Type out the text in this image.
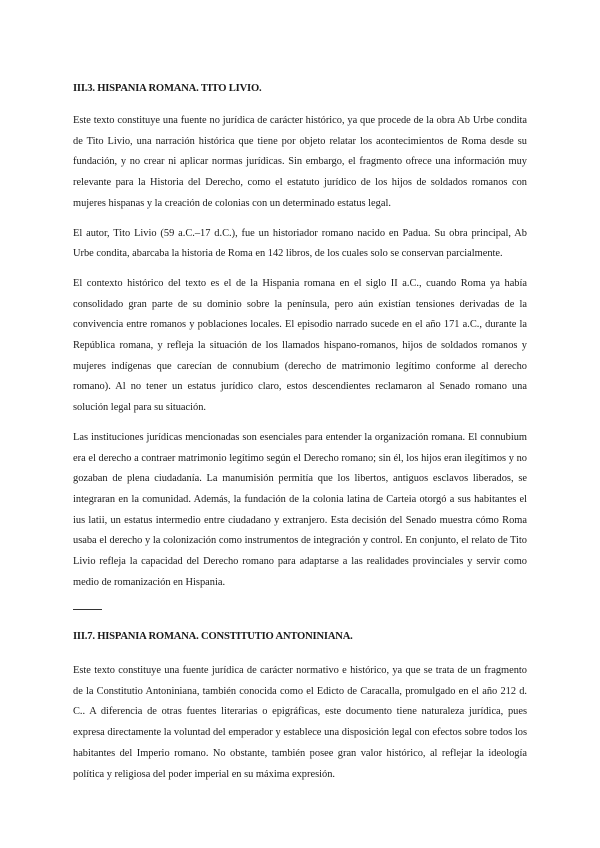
III.3. HISPANIA ROMANA. TITO LIVIO.

Este texto constituye una fuente no jurídica de carácter histórico, ya que procede de la obra Ab Urbe condita de Tito Livio, una narración histórica que tiene por objeto relatar los acontecimientos de Roma desde su fundación, y no crear ni aplicar normas jurídicas. Sin embargo, el fragmento ofrece una información muy relevante para la Historia del Derecho, como el estatuto jurídico de los hijos de soldados romanos con mujeres hispanas y la creación de colonias con un determinado estatus legal.

El autor, Tito Livio (59 a.C.–17 d.C.), fue un historiador romano nacido en Padua. Su obra principal, Ab Urbe condita, abarcaba la historia de Roma en 142 libros, de los cuales solo se conservan parcialmente.

El contexto histórico del texto es el de la Hispania romana en el siglo II a.C., cuando Roma ya había consolidado gran parte de su dominio sobre la península, pero aún existían tensiones derivadas de la convivencia entre romanos y poblaciones locales. El episodio narrado sucede en el año 171 a.C., durante la República romana, y refleja la situación de los llamados hispano-romanos, hijos de soldados romanos y mujeres indígenas que carecían de connubium (derecho de matrimonio legítimo conforme al derecho romano). Al no tener un estatus jurídico claro, estos descendientes reclamaron al Senado romano una solución legal para su situación.

Las instituciones jurídicas mencionadas son esenciales para entender la organización romana. El connubium era el derecho a contraer matrimonio legítimo según el Derecho romano; sin él, los hijos eran ilegítimos y no gozaban de plena ciudadanía. La manumisión permitía que los libertos, antiguos esclavos liberados, se integraran en la comunidad. Además, la fundación de la colonia latina de Carteia otorgó a sus habitantes el ius latii, un estatus intermedio entre ciudadano y extranjero. Esta decisión del Senado muestra cómo Roma usaba el derecho y la colonización como instrumentos de integración y control. En conjunto, el relato de Tito Livio refleja la capacidad del Derecho romano para adaptarse a las realidades provinciales y servir como medio de romanización en Hispania.

III.7. HISPANIA ROMANA. CONSTITUTIO ANTONINIANA.

Este texto constituye una fuente jurídica de carácter normativo e histórico, ya que se trata de un fragmento de la Constitutio Antoniniana, también conocida como el Edicto de Caracalla, promulgado en el año 212 d. C.. A diferencia de otras fuentes literarias o epigráficas, este documento tiene naturaleza jurídica, pues expresa directamente la voluntad del emperador y establece una disposición legal con efectos sobre todos los habitantes del Imperio romano. No obstante, también posee gran valor histórico, al reflejar la ideología política y religiosa del poder imperial en su máxima expresión.
